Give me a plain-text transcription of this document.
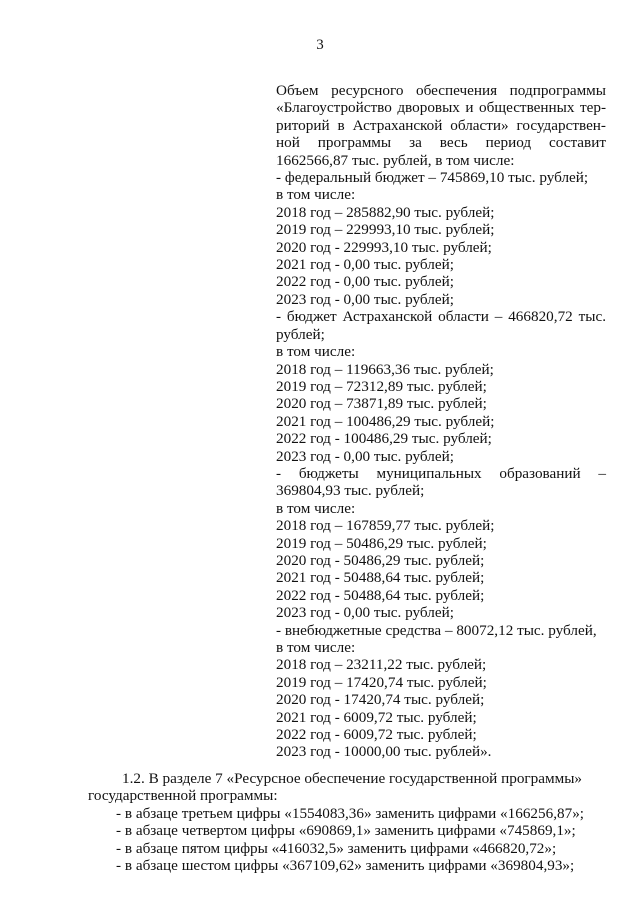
3
Объем ресурсного обеспечения подпрограммы
«Благоустройство дворовых и общественных тер-
риторий в Астраханской области» государствен-
ной программы за весь период составит
1662566,87 тыс. рублей, в том числе:
- федеральный бюджет – 745869,10 тыс. рублей;
в том числе:
2018 год – 285882,90 тыс. рублей;
2019 год – 229993,10 тыс. рублей;
2020 год - 229993,10 тыс. рублей;
2021 год - 0,00 тыс. рублей;
2022 год - 0,00 тыс. рублей;
2023 год - 0,00 тыс. рублей;
- бюджет Астраханской области – 466820,72 тыс.
рублей;
в том числе:
2018 год – 119663,36 тыс. рублей;
2019 год – 72312,89 тыс. рублей;
2020 год – 73871,89 тыс. рублей;
2021 год – 100486,29 тыс. рублей;
2022 год - 100486,29 тыс. рублей;
2023 год - 0,00 тыс. рублей;
- бюджеты муниципальных образований –
369804,93 тыс. рублей;
в том числе:
2018 год – 167859,77 тыс. рублей;
2019 год – 50486,29 тыс. рублей;
2020 год - 50486,29 тыс. рублей;
2021 год - 50488,64 тыс. рублей;
2022 год - 50488,64 тыс. рублей;
2023 год - 0,00 тыс. рублей;
- внебюджетные средства – 80072,12 тыс. рублей,
в том числе:
2018 год – 23211,22 тыс. рублей;
2019 год – 17420,74 тыс. рублей;
2020 год - 17420,74 тыс. рублей;
2021 год - 6009,72 тыс. рублей;
2022 год - 6009,72 тыс. рублей;
2023 год - 10000,00 тыс. рублей».
1.2. В разделе 7 «Ресурсное обеспечение государственной программы»
государственной программы:
- в абзаце третьем цифры «1554083,36» заменить цифрами «166256,87»;
- в абзаце четвертом цифры «690869,1» заменить цифрами «745869,1»;
- в абзаце пятом цифры «416032,5» заменить цифрами «466820,72»;
- в абзаце шестом цифры «367109,62» заменить цифрами «369804,93»;
